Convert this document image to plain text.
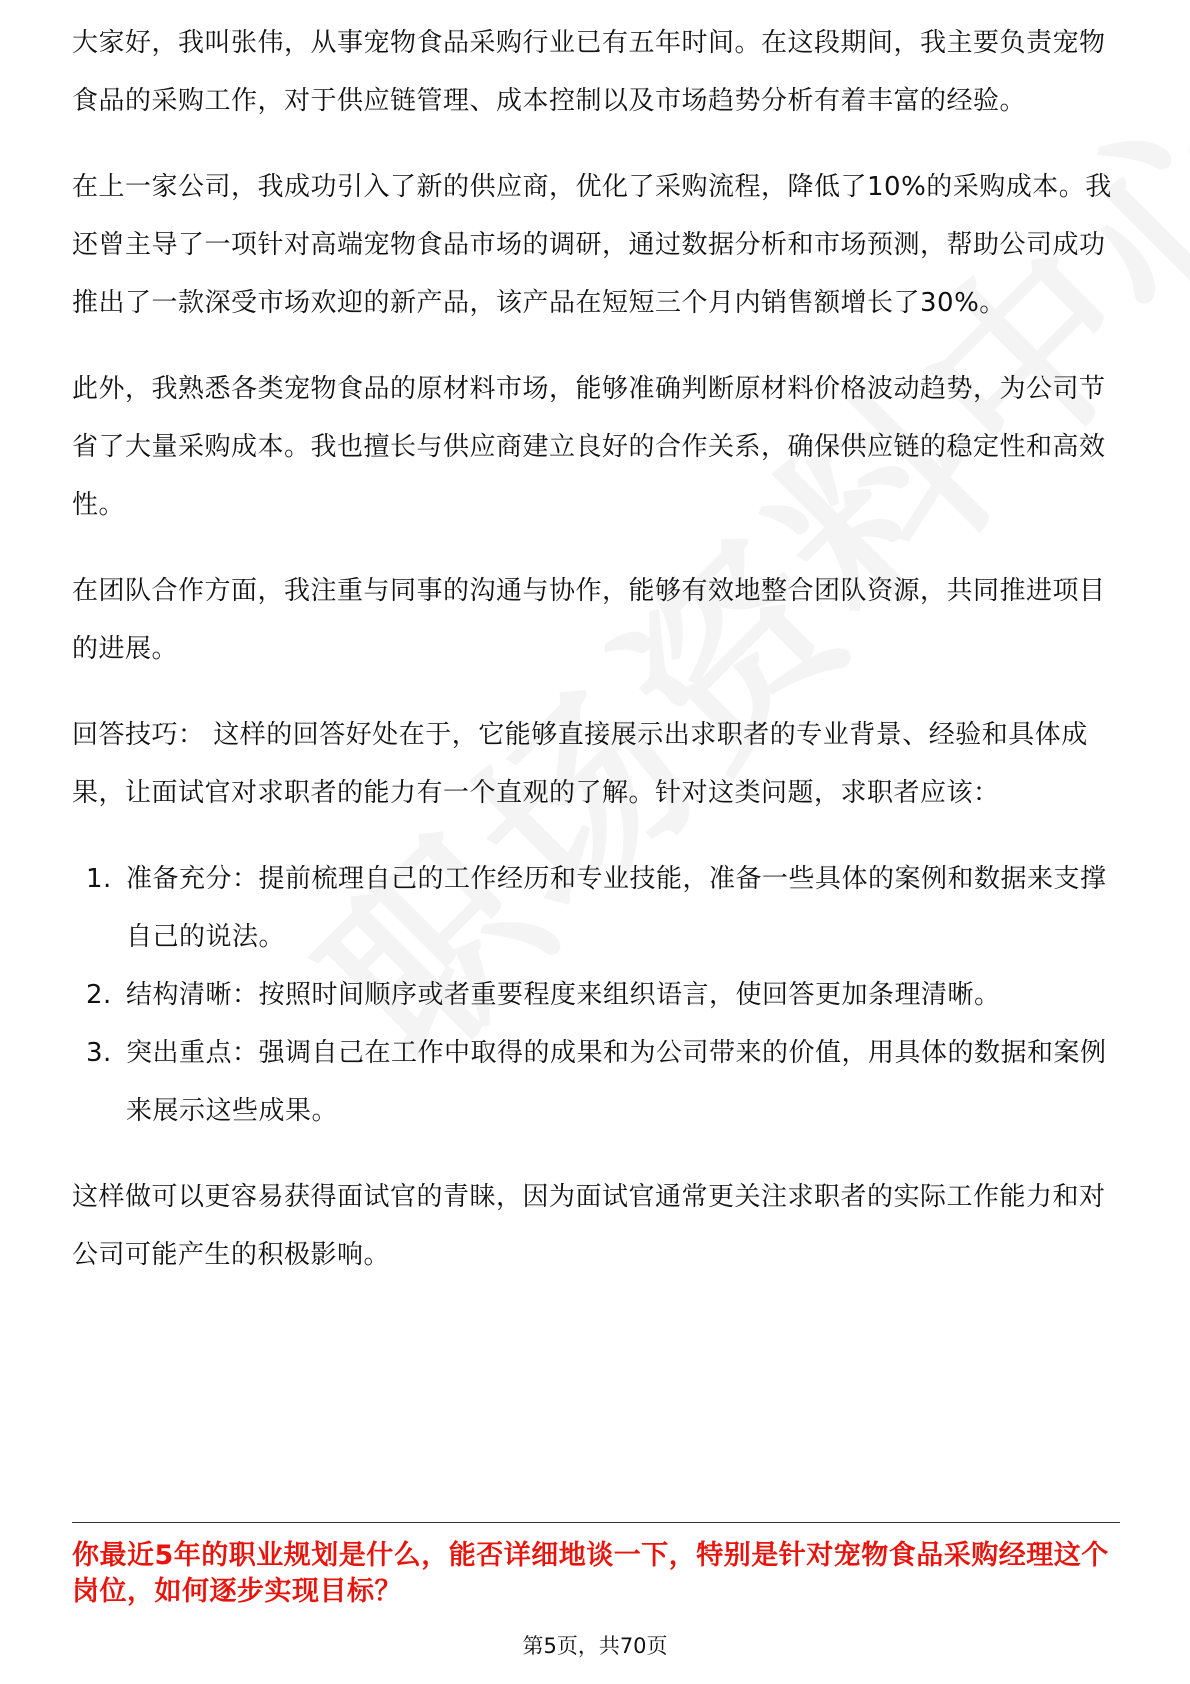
大家好，我叫张伟，从事宠物食品采购行业已有五年时间。在这段期间，我主要负责宠物食品的采购工作，对于供应链管理、成本控制以及市场趋势分析有着丰富的经验。

在上一家公司，我成功引入了新的供应商，优化了采购流程，降低了10%的采购成本。我还曾主导了一项针对高端宠物食品市场的调研，通过数据分析和市场预测，帮助公司成功推出了一款深受市场欢迎的新产品，该产品在短短三个月内销售额增长了30%。

此外，我熟悉各类宠物食品的原材料市场，能够准确判断原材料价格波动趋势，为公司节省了大量采购成本。我也擅长与供应商建立良好的合作关系，确保供应链的稳定性和高效性。

在团队合作方面，我注重与同事的沟通与协作，能够有效地整合团队资源，共同推进项目的进展。

回答技巧： 这样的回答好处在于，它能够直接展示出求职者的专业背景、经验和具体成果，让面试官对求职者的能力有一个直观的了解。针对这类问题，求职者应该：

1. 准备充分：提前梳理自己的工作经历和专业技能，准备一些具体的案例和数据来支撑自己的说法。
2. 结构清晰：按照时间顺序或者重要程度来组织语言，使回答更加条理清晰。
3. 突出重点：强调自己在工作中取得的成果和为公司带来的价值，用具体的数据和案例来展示这些成果。

这样做可以更容易获得面试官的青睐，因为面试官通常更关注求职者的实际工作能力和对公司可能产生的积极影响。

你最近5年的职业规划是什么，能否详细地谈一下，特别是针对宠物食品采购经理这个岗位，如何逐步实现目标？
第5页，共70页
